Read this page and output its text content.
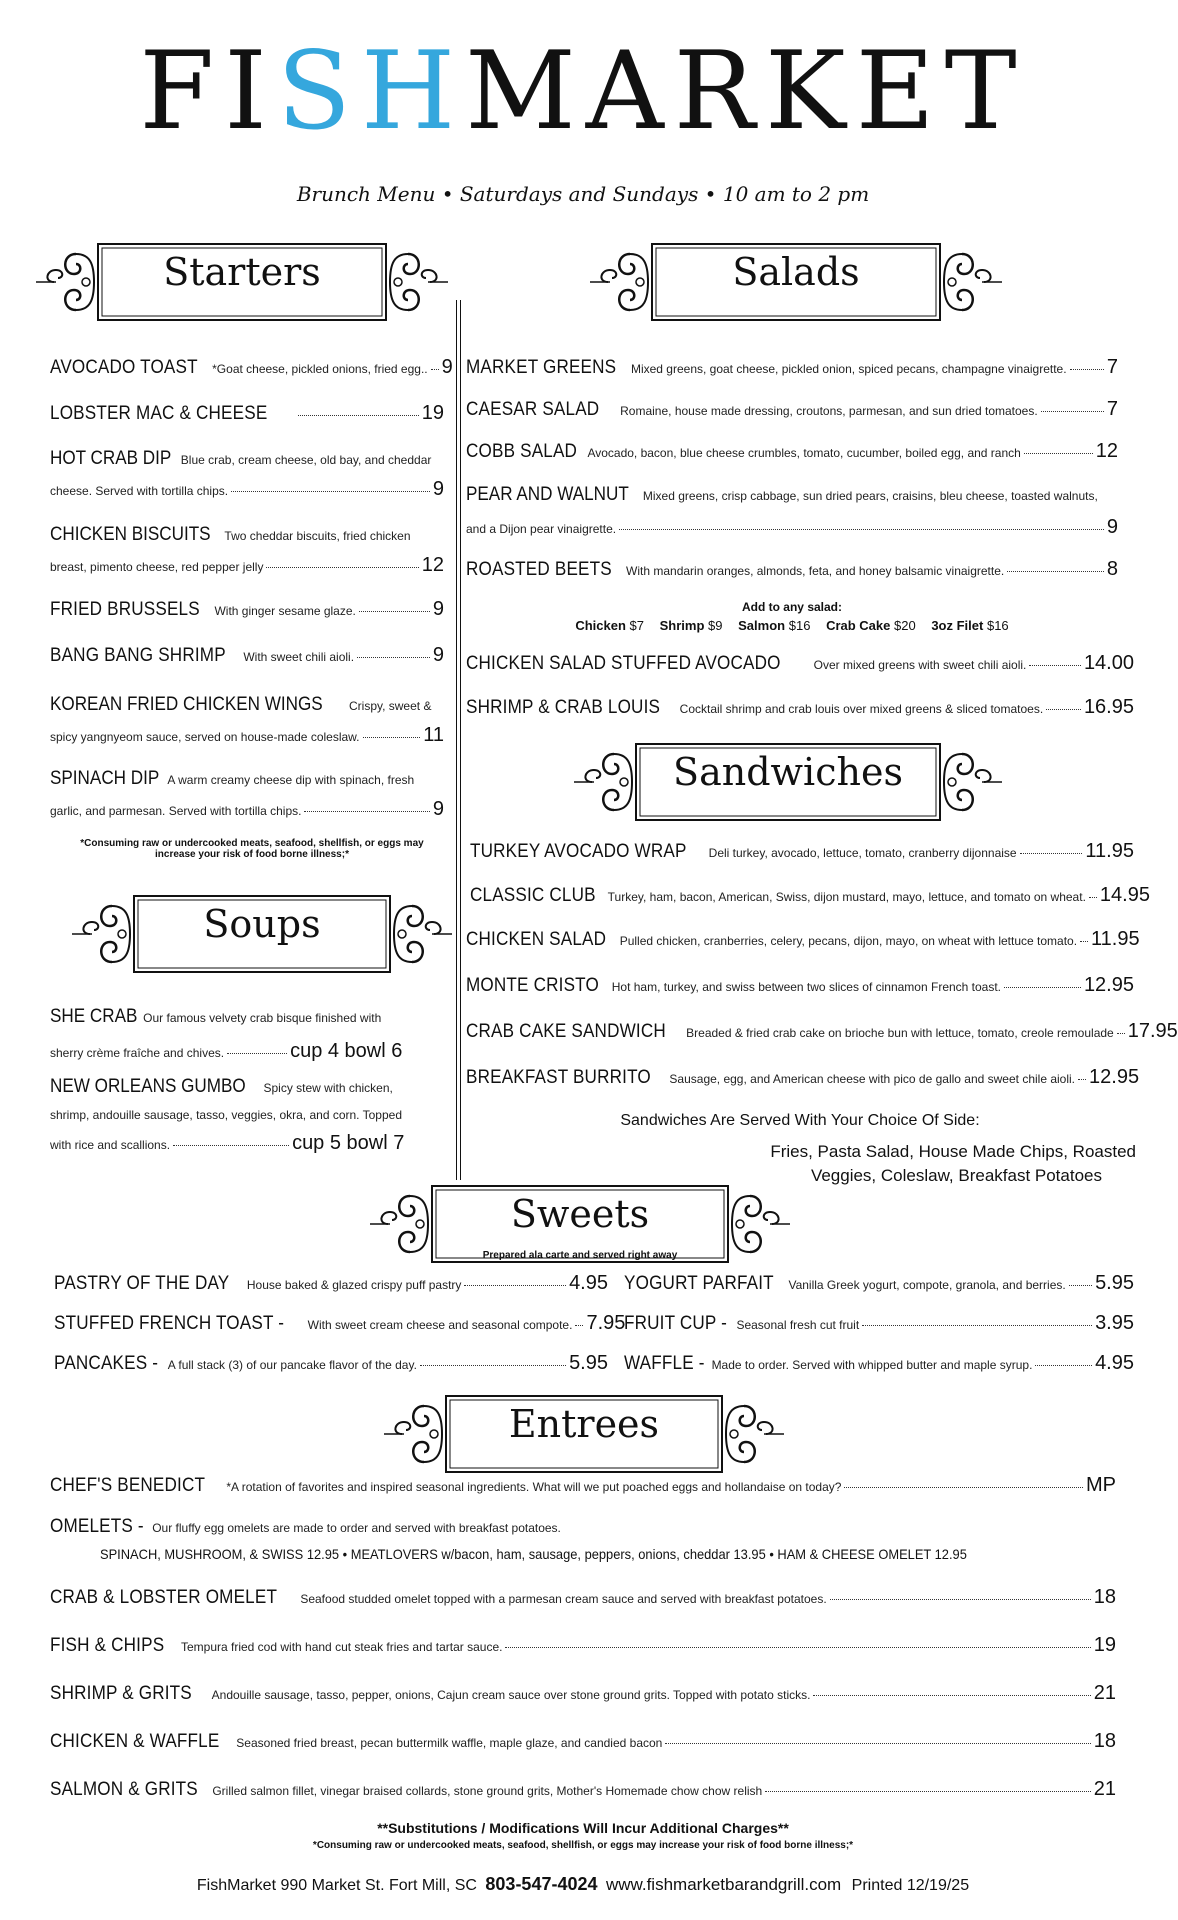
FISHMARKET
Brunch Menu • Saturdays and Sundays • 10 am to 2 pm
Starters	Salads
Soups
Sandwiches
Sweets
Prepared ala carte and served right away
Entrees
AVOCADO TOAST *Goat cheese, pickled onions, fried egg.. 9
LOBSTER MAC & CHEESE	19
HOT CRAB DIP Blue crab, cream cheese, old bay, and cheddar
cheese. Served with tortilla chips.	9
CHICKEN BISCUITS Two cheddar biscuits, fried chicken
breast, pimento cheese, red pepper jelly	12
FRIED BRUSSELS With ginger sesame glaze.	9
BANG BANG SHRIMP With sweet chili aioli.	9
KOREAN FRIED CHICKEN WINGS Crispy, sweet &
spicy yangnyeom sauce, served on house-made coleslaw.	11
SPINACH DIP A warm creamy cheese dip with spinach, fresh
garlic, and parmesan. Served with tortilla chips.	9
*Consuming raw or undercooked meats, seafood, shellfish, or eggs may increase your risk of food borne illness;*
SHE CRAB Our famous velvety crab bisque finished with
sherry crème fraîche and chives.	cup 4 bowl 6
NEW ORLEANS GUMBO Spicy stew with chicken,
shrimp, andouille sausage, tasso, veggies, okra, and corn. Topped
with rice and scallions.	cup 5 bowl 7
MARKET GREENS Mixed greens, goat cheese, pickled onion, spiced pecans, champagne vinaigrette. 7
CAESAR SALAD Romaine, house made dressing, croutons, parmesan, and sun dried tomatoes.	7
COBB SALAD Avocado, bacon, blue cheese crumbles, tomato, cucumber, boiled egg, and ranch	12
PEAR AND WALNUT Mixed greens, crisp cabbage, sun dried pears, craisins, bleu cheese, toasted walnuts,
and a Dijon pear vinaigrette.	9
ROASTED BEETS With mandarin oranges, almonds, feta, and honey balsamic vinaigrette.	8
Add to any salad:
Chicken $7 Shrimp $9 Salmon $16 Crab Cake $20 3oz Filet $16
CHICKEN SALAD STUFFED AVOCADO	Over mixed greens with sweet chili aioli.	14.00
SHRIMP & CRAB LOUIS Cocktail shrimp and crab louis over mixed greens & sliced tomatoes. 16.95
TURKEY AVOCADO WRAP Deli turkey, avocado, lettuce, tomato, cranberry dijonnaise	11.95
CLASSIC CLUB Turkey, ham, bacon, American, Swiss, dijon mustard, mayo, lettuce, and tomato on wheat. 14.95
CHICKEN SALAD Pulled chicken, cranberries, celery, pecans, dijon, mayo, on wheat with lettuce tomato. 11.95
MONTE CRISTO Hot ham, turkey, and swiss between two slices of cinnamon French toast.	12.95
CRAB CAKE SANDWICH Breaded & fried crab cake on brioche bun with lettuce, tomato, creole remoulade 17.95
BREAKFAST BURRITO Sausage, egg, and American cheese with pico de gallo and sweet chile aioli. 12.95
Sandwiches Are Served With Your Choice Of Side:
Fries, Pasta Salad, House Made Chips, Roasted
Veggies, Coleslaw, Breakfast Potatoes
PASTRY OF THE DAY House baked & glazed crispy puff pastry	4.95
STUFFED FRENCH TOAST - With sweet cream cheese and seasonal compote. 7.95
PANCAKES - A full stack (3) of our pancake flavor of the day.	5.95
YOGURT PARFAIT Vanilla Greek yogurt, compote, granola, and berries. 5.95
FRUIT CUP - Seasonal fresh cut fruit	3.95
WAFFLE - Made to order. Served with whipped butter and maple syrup.	4.95
CHEF'S BENEDICT *A rotation of favorites and inspired seasonal ingredients. What will we put poached eggs and hollandaise on today?	MP
OMELETS - Our fluffy egg omelets are made to order and served with breakfast potatoes.
SPINACH, MUSHROOM, & SWISS 12.95 • MEATLOVERS w/bacon, ham, sausage, peppers, onions, cheddar 13.95 • HAM & CHEESE OMELET 12.95
CRAB & LOBSTER OMELET Seafood studded omelet topped with a parmesan cream sauce and served with breakfast potatoes.	18
FISH & CHIPS Tempura fried cod with hand cut steak fries and tartar sauce.	19
SHRIMP & GRITS Andouille sausage, tasso, pepper, onions, Cajun cream sauce over stone ground grits. Topped with potato sticks.	21
CHICKEN & WAFFLE Seasoned fried breast, pecan buttermilk waffle, maple glaze, and candied bacon	18
SALMON & GRITS Grilled salmon fillet, vinegar braised collards, stone ground grits, Mother's Homemade chow chow relish	21
**Substitutions / Modifications Will Incur Additional Charges**
*Consuming raw or undercooked meats, seafood, shellfish, or eggs may increase your risk of food borne illness;*
FishMarket 990 Market St. Fort Mill, SC 803-547-4024 www.fishmarketbarandgrill.com Printed 12/19/25
